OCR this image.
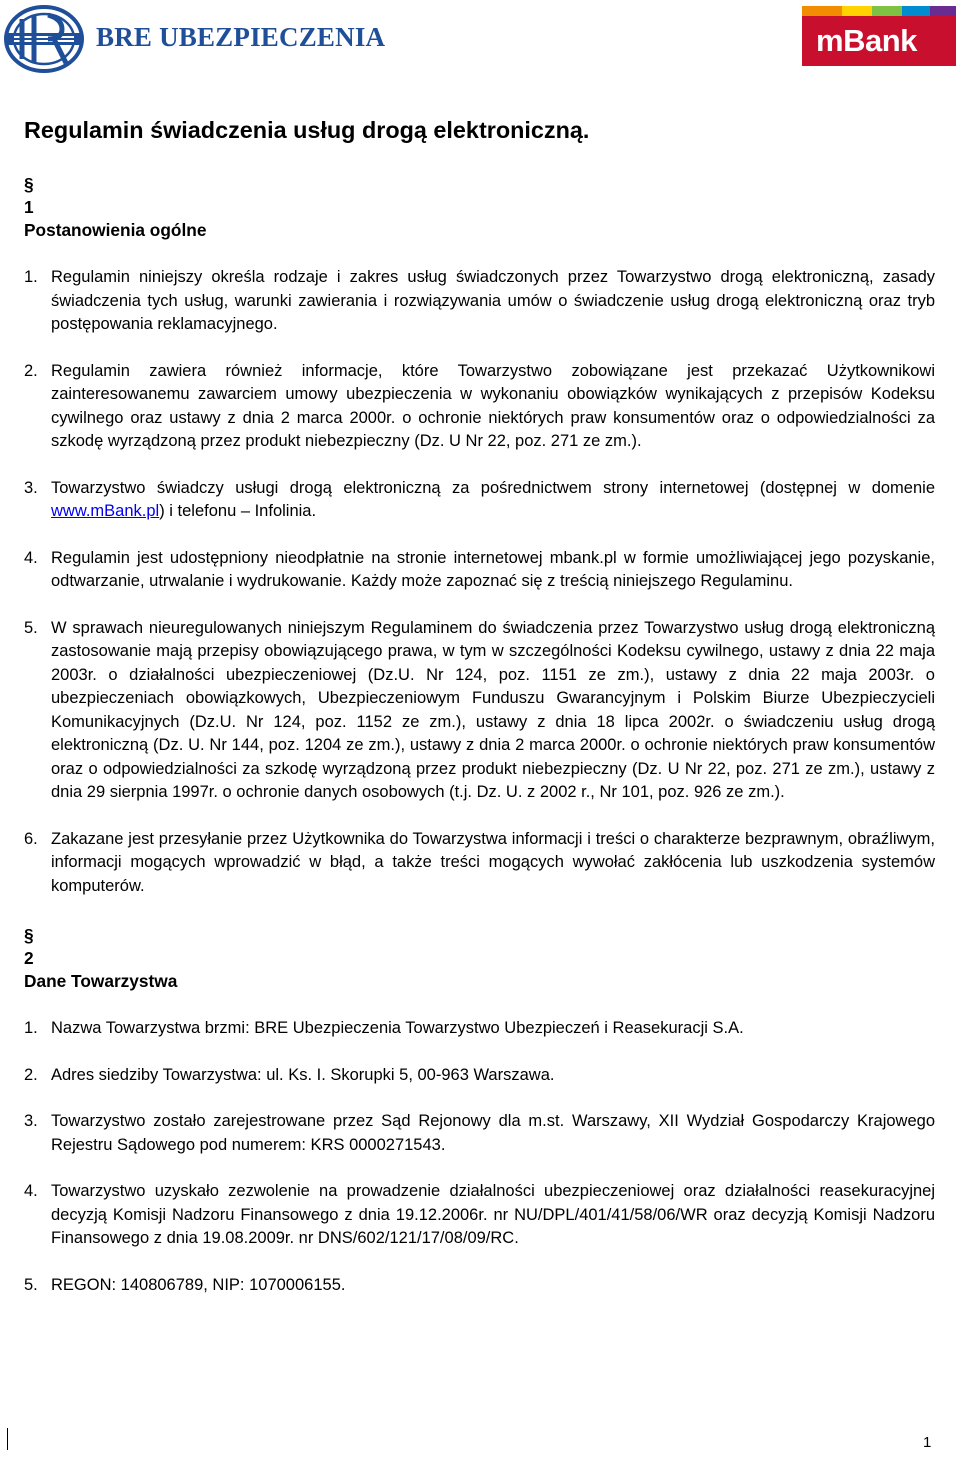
BRE UBEZPIECZENIA	mBank
Regulamin świadczenia usług drogą elektroniczną.
§
1
Postanowienia ogólne
1. Regulamin niniejszy określa rodzaje i zakres usług świadczonych przez Towarzystwo drogą elektroniczną, zasady świadczenia tych usług, warunki zawierania i rozwiązywania umów o świadczenie usług drogą elektroniczną oraz tryb postępowania reklamacyjnego.
2. Regulamin zawiera również informacje, które Towarzystwo zobowiązane jest przekazać Użytkownikowi zainteresowanemu zawarciem umowy ubezpieczenia w wykonaniu obowiązków wynikających z przepisów Kodeksu cywilnego oraz ustawy z dnia 2 marca 2000r. o ochronie niektórych praw konsumentów oraz o odpowiedzialności za szkodę wyrządzoną przez produkt niebezpieczny (Dz. U Nr 22, poz. 271 ze zm.).
3. Towarzystwo świadczy usługi drogą elektroniczną za pośrednictwem strony internetowej (dostępnej w domenie www.mBank.pl) i telefonu – Infolinia.
4. Regulamin jest udostępniony nieodpłatnie na stronie internetowej mbank.pl w formie umożliwiającej jego pozyskanie, odtwarzanie, utrwalanie i wydrukowanie. Każdy może zapoznać się z treścią niniejszego Regulaminu.
5. W sprawach nieuregulowanych niniejszym Regulaminem do świadczenia przez Towarzystwo usług drogą elektroniczną zastosowanie mają przepisy obowiązującego prawa, w tym w szczególności Kodeksu cywilnego, ustawy z dnia 22 maja 2003r. o działalności ubezpieczeniowej (Dz.U. Nr 124, poz. 1151 ze zm.), ustawy z dnia 22 maja 2003r. o ubezpieczeniach obowiązkowych, Ubezpieczeniowym Funduszu Gwarancyjnym i Polskim Biurze Ubezpieczycieli Komunikacyjnych (Dz.U. Nr 124, poz. 1152 ze zm.), ustawy z dnia 18 lipca 2002r. o świadczeniu usług drogą elektroniczną (Dz. U. Nr 144, poz. 1204 ze zm.), ustawy z dnia 2 marca 2000r. o ochronie niektórych praw konsumentów oraz o odpowiedzialności za szkodę wyrządzoną przez produkt niebezpieczny (Dz. U Nr 22, poz. 271 ze zm.), ustawy z dnia 29 sierpnia 1997r. o ochronie danych osobowych (t.j. Dz. U. z 2002 r., Nr 101, poz. 926 ze zm.).
6. Zakazane jest przesyłanie przez Użytkownika do Towarzystwa informacji i treści o charakterze bezprawnym, obraźliwym, informacji mogących wprowadzić w błąd, a także treści mogących wywołać zakłócenia lub uszkodzenia systemów komputerów.
§
2
Dane Towarzystwa
1. Nazwa Towarzystwa brzmi: BRE Ubezpieczenia Towarzystwo Ubezpieczeń i Reasekuracji S.A.
2. Adres siedziby Towarzystwa: ul. Ks. I. Skorupki 5, 00-963 Warszawa.
3. Towarzystwo zostało zarejestrowane przez Sąd Rejonowy dla m.st. Warszawy, XII Wydział Gospodarczy Krajowego Rejestru Sądowego pod numerem: KRS 0000271543.
4. Towarzystwo uzyskało zezwolenie na prowadzenie działalności ubezpieczeniowej oraz działalności reasekuracyjnej decyzją Komisji Nadzoru Finansowego z dnia 19.12.2006r. nr NU/DPL/401/41/58/06/WR oraz decyzją Komisji Nadzoru Finansowego z dnia 19.08.2009r. nr DNS/602/121/17/08/09/RC.
5. REGON: 140806789, NIP: 1070006155.
1
